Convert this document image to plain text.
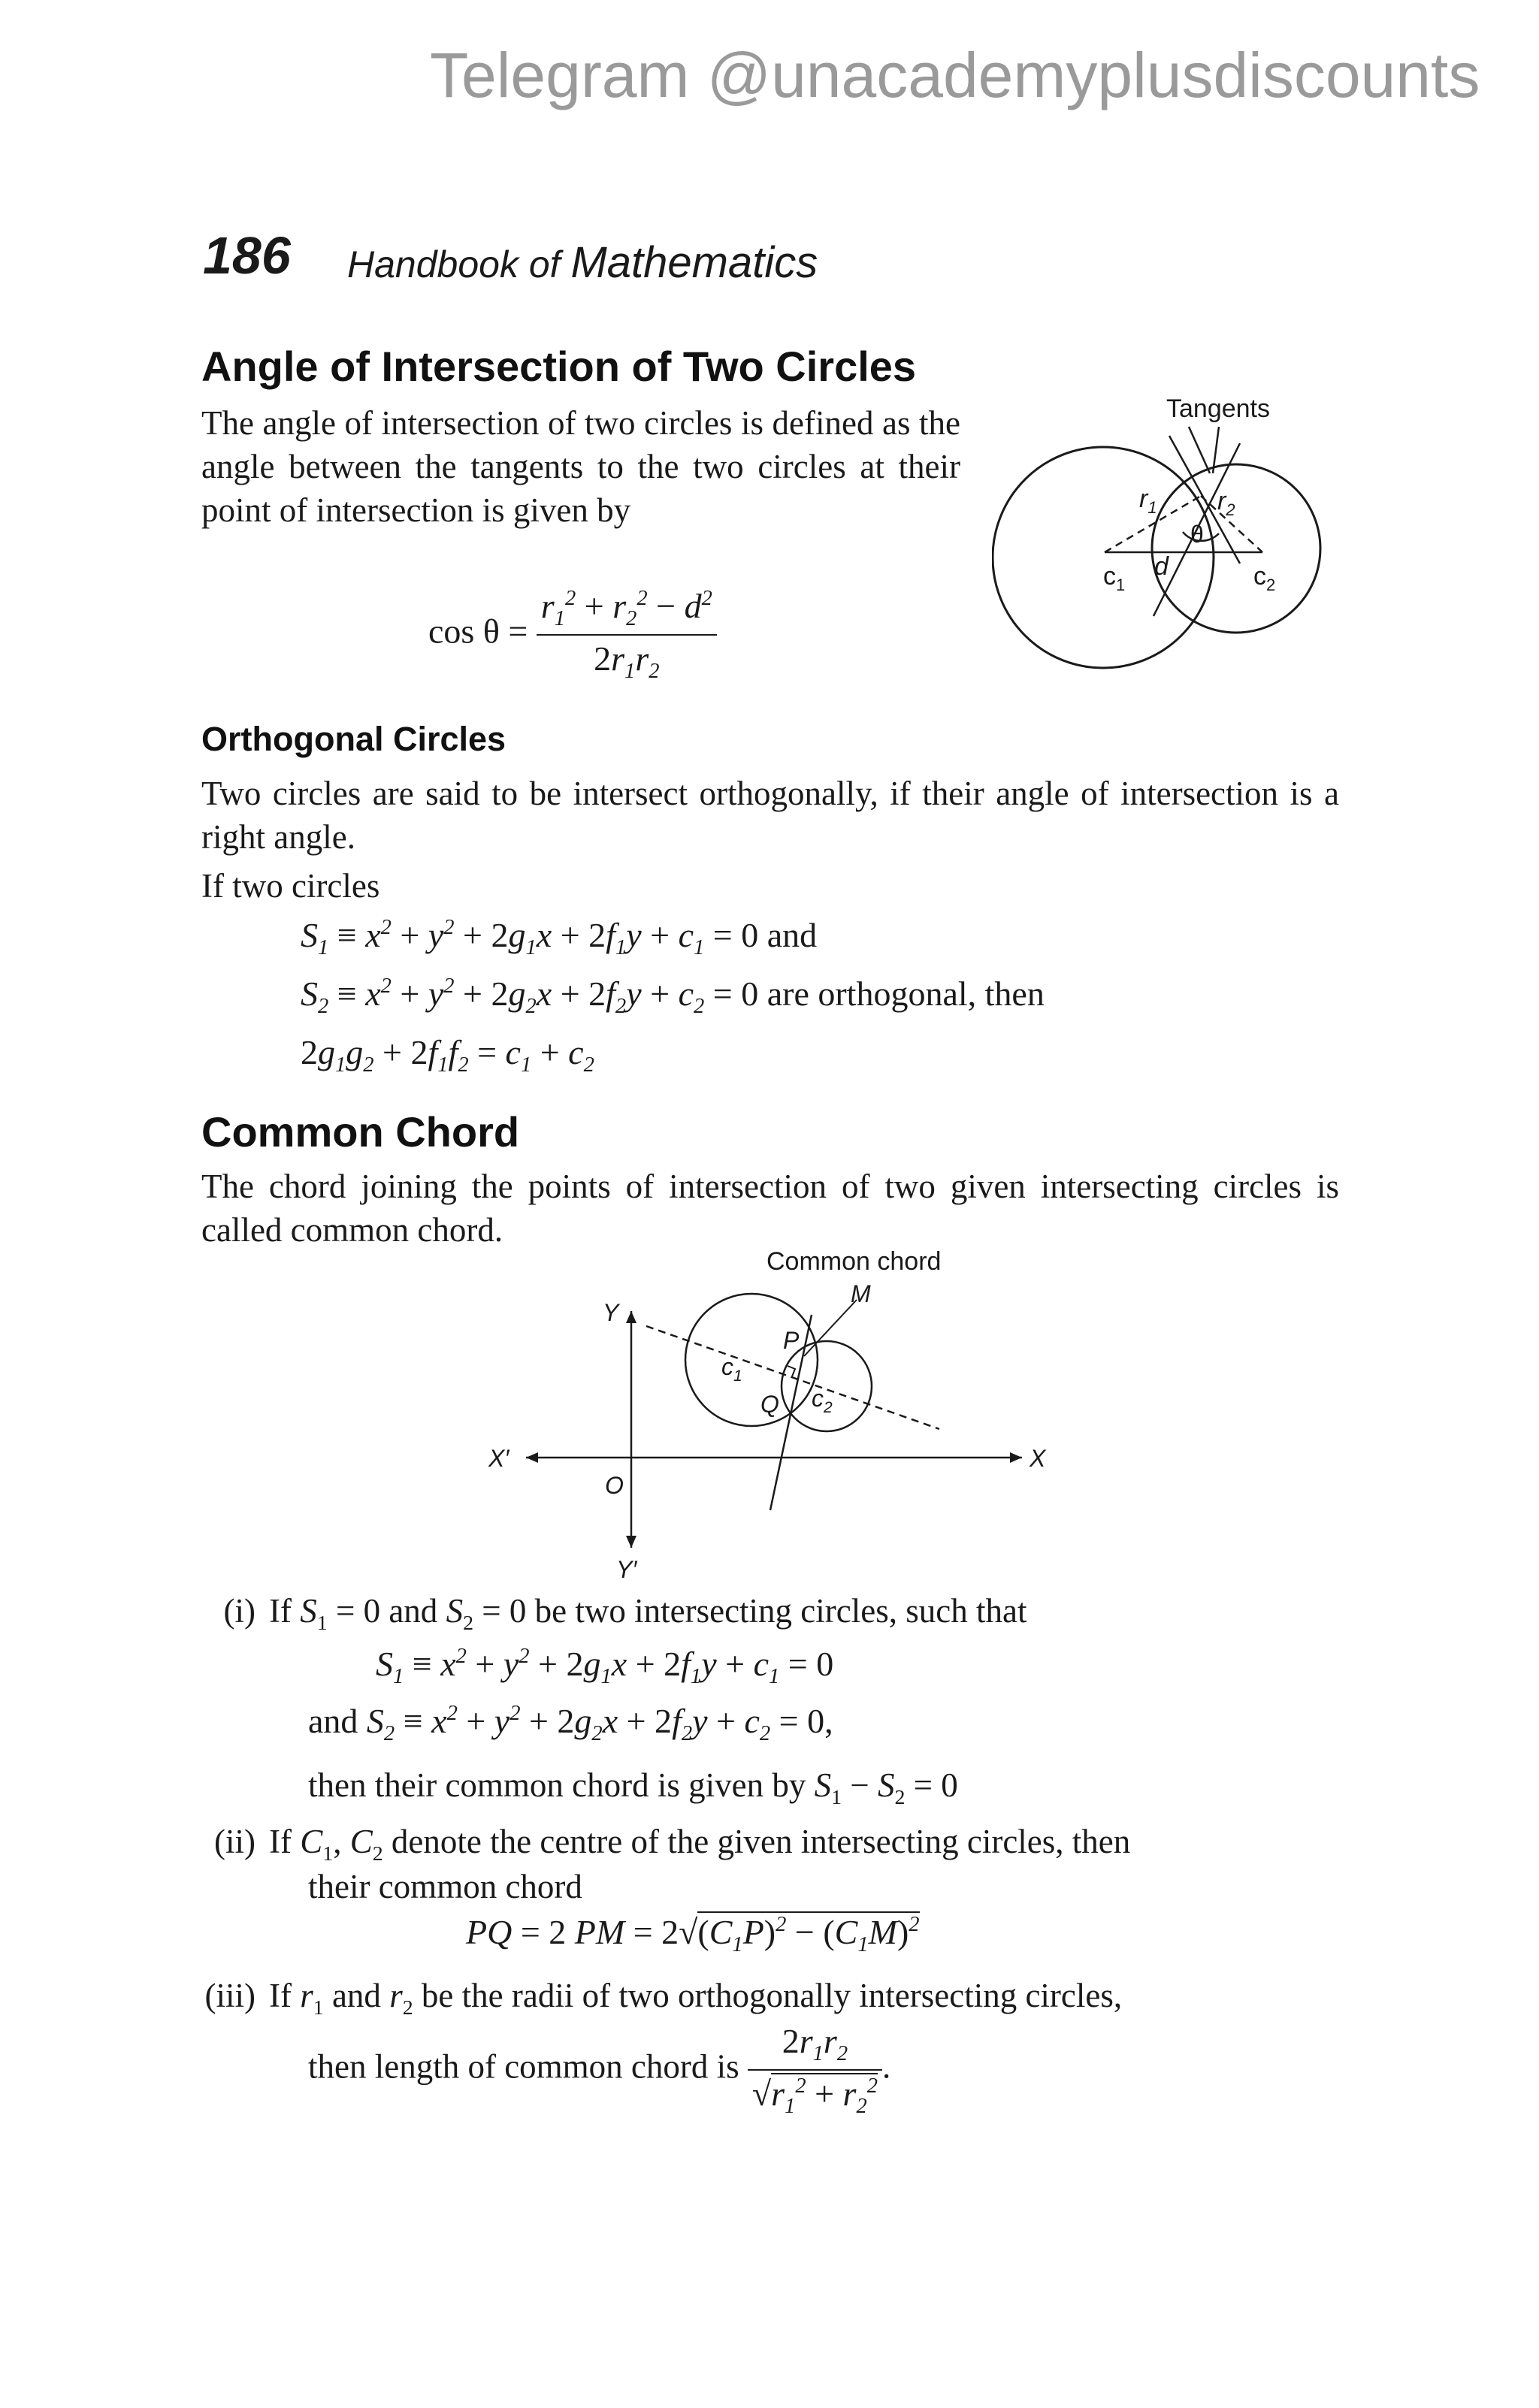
Telegram @unacademyplusdiscounts
186 Handbook of Mathematics
Angle of Intersection of Two Circles
The angle of intersection of two circles is defined as the angle between the tangents to the two circles at their point of intersection is given by
$\cos \theta = \frac{r_1^2 + r_2^2 - d^2}{2r_1r_2}$
Tangents
$r_1$ $r_2$
θ
d
$c_1$	$c_2$
Orthogonal Circles
Two circles are said to be intersect orthogonally, if their angle of intersection is a right angle.
If two circles
$S_1 \equiv x^2 + y^2 + 2g_1x + 2f_1y + c_1 = 0$ and
$S_2 \equiv x^2 + y^2 + 2g_2x + 2f_2y + c_2 = 0$ are orthogonal, then
$2g_1g_2 + 2f_1f_2 = c_1 + c_2$
Common Chord
The chord joining the points of intersection of two given intersecting circles is called common chord.
Common chord
Y
Y′
X
X′
O
P
Q
M
$c_1$
$c_2$
(i) If $S_1 = 0$ and $S_2 = 0$ be two intersecting circles, such that
$S_1 \equiv x^2 + y^2 + 2g_1x + 2f_1y + c_1 = 0$
and $S_2 \equiv x^2 + y^2 + 2g_2x + 2f_2y + c_2 = 0$,
then their common chord is given by $S_1 - S_2 = 0$
(ii) If $C_1$, $C_2$ denote the centre of the given intersecting circles, then
their common chord
PQ = 2 PM = $2√(C_1P)^2 - (C_1M)^2$
(iii) If $r_1$ and $r_2$ be the radii of two orthogonally intersecting circles,
then length of common chord is $\frac{2r_1r_2}{√r_1^2 + r_2^2}$ .
